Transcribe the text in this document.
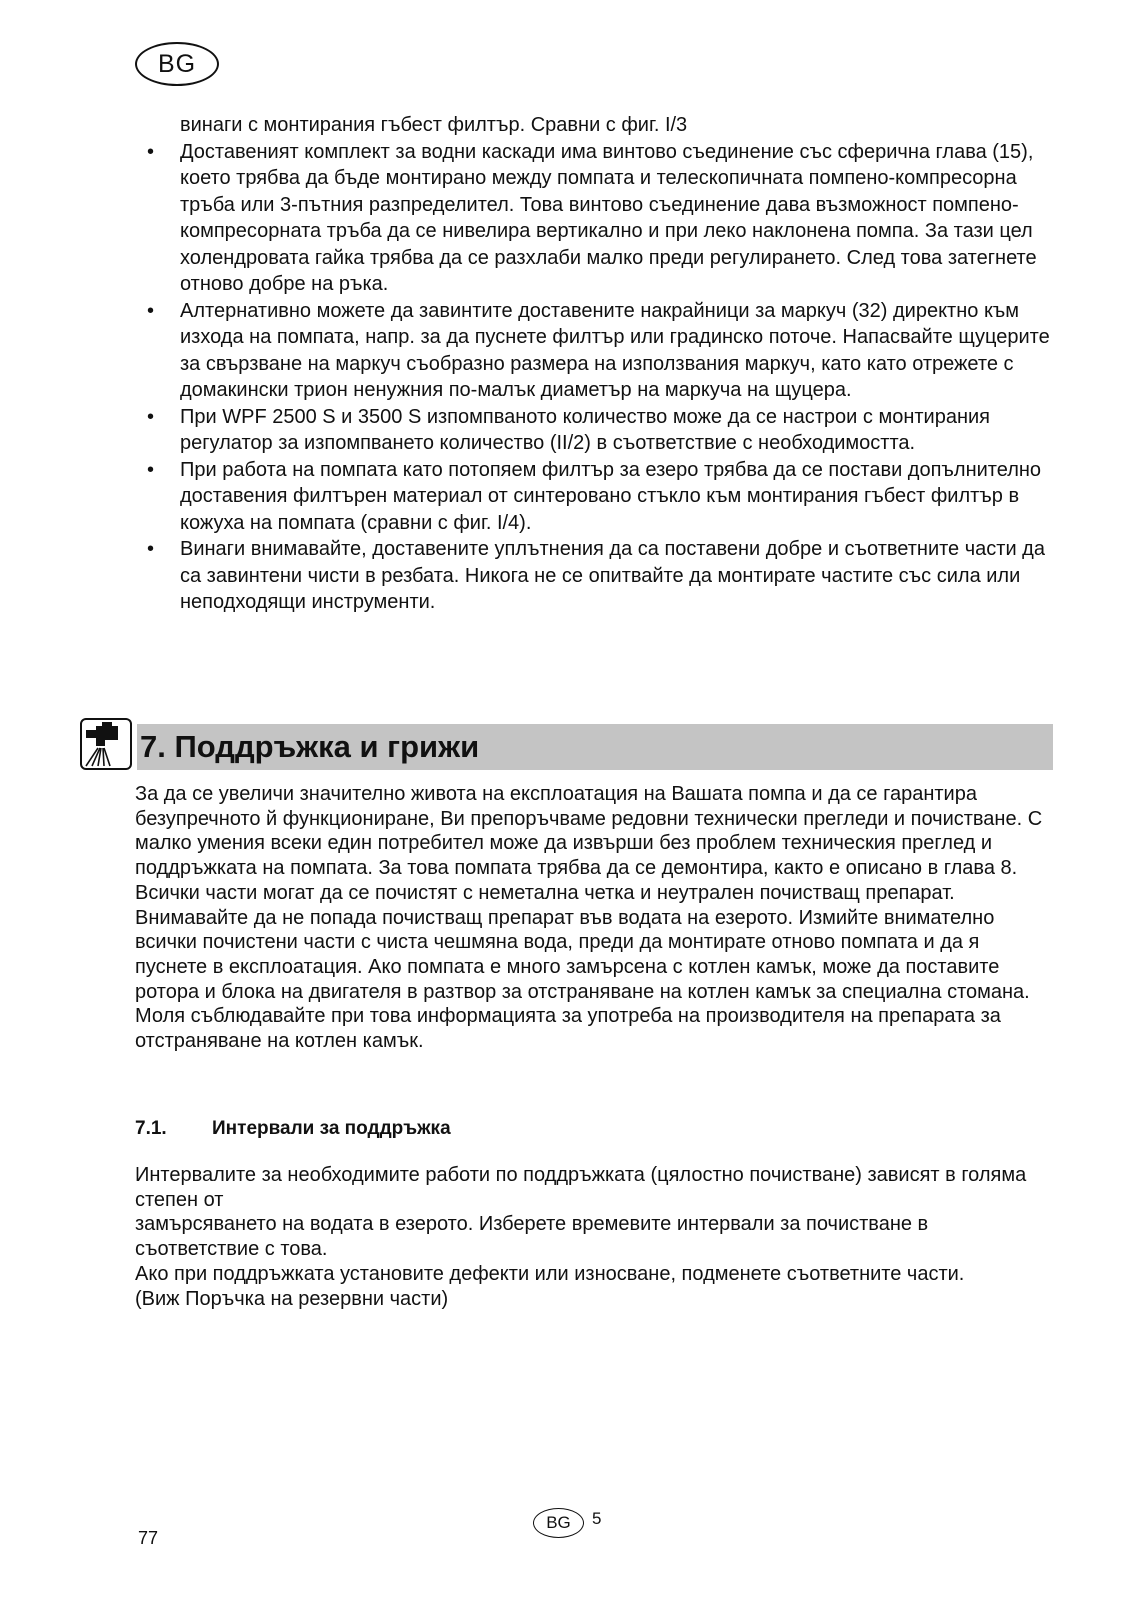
BG
винаги с монтирания гъбест филтър. Сравни с фиг. I/3
• Доставеният комплект за водни каскади има винтово съединение със сферична глава (15), което трябва да бъде монтирано между помпата и телескопичната помпено-компресорна тръба или 3-пътния разпределител. Това винтово съединение дава възможност помпено-компресорната тръба да се нивелира вертикално и при леко наклонена помпа. За тази цел холендровата гайка трябва да се разхлаби малко преди регулирането. След това затегнете отново добре на ръка.
• Алтернативно можете да завинтите доставените накрайници за маркуч (32) директно към изхода на помпата, напр. за да пуснете филтър или градинско поточе. Напасвайте щуцерите за свързване на маркуч съобразно размера на използвания маркуч, като като отрежете с домакински трион ненужния по-малък диаметър на маркуча на щуцера.
• При WPF 2500 S и 3500 S изпомпваното количество може да се настрои с монтирания регулатор за изпомпването количество (II/2) в съответствие с необходимостта.
• При работа на помпата като потопяем филтър за езеро трябва да се постави допълнително доставения филтърен материал от синтеровано стъкло към монтирания гъбест филтър в кожуха на помпата (сравни с фиг. I/4).
• Винаги внимавайте, доставените уплътнения да са поставени добре и съответните части да са завинтени чисти в резбата. Никога не се опитвайте да монтирате частите със сила или неподходящи инструменти.
7. Поддръжка и грижи
За да се увеличи значително живота на експлоатация на Вашата помпа и да се гарантира безупречното й функциониране, Ви препоръчваме редовни технически прегледи и почистване. С малко умения всеки един потребител може да извърши без проблем техническия преглед и поддръжката на помпата. За това помпата трябва да се демонтира, както е описано в глава 8. Всички части могат да се почистят с неметална четка и неутрален почистващ препарат. Внимавайте да не попада почистващ препарат във водата на езерото. Измийте внимателно всички почистени части с чиста чешмяна вода, преди да монтирате отново помпата и да я пуснете в експлоатация. Ако помпата е много замърсена с котлен камък, може да поставите ротора и блока на двигателя в разтвор за отстраняване на котлен камък за специална стомана. Моля съблюдавайте при това информацията за употреба на производителя на препарата за отстраняване на котлен камък.
7.1. Интервали за поддръжка
Интервалите за необходимите работи по поддръжката (цялостно почистване) зависят в голяма степен от
замърсяването на водата в езерото. Изберете времевите интервали за почистване в съответствие с това.
Ако при поддръжката установите дефекти или износване, подменете съответните части.
(Виж Поръчка на резервни части)
BG	5
77
